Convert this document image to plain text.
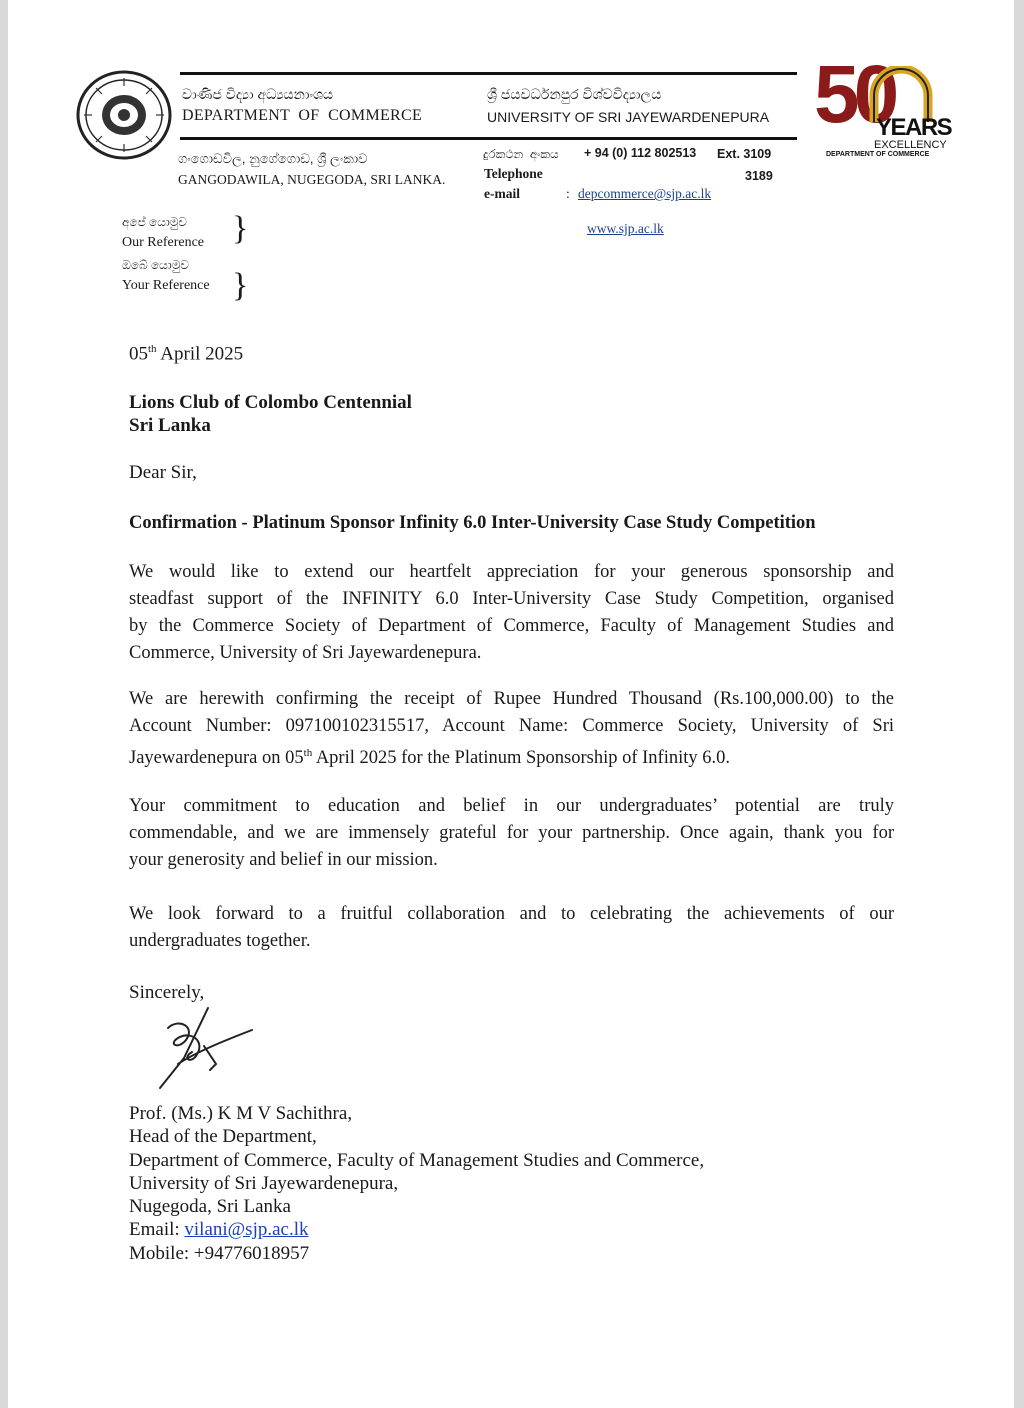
වාණිජ විද්‍යා අධ්‍යයනාංශය
DEPARTMENT  OF  COMMERCE
ශ්‍රී ජයවර්ධනපුර විශ්වවිද්‍යාලය
UNIVERSITY OF SRI JAYEWARDENEPURA
ගංගොඩවිල, නුගේගොඩ, ශ්‍රී ලංකාව
GANGODAWILA, NUGEGODA, SRI LANKA.
දුරකථන  අංකය + 94 (0) 112 802513 Ext. 3109
Telephone	3189
e-mail	: depcommerce@sjp.ac.lk
www.sjp.ac.lk
අපේ යොමුව
Our Reference }
ඔබේ යොමුව
Your Reference }
50
YEARS
EXCELLENCY
DEPARTMENT OF COMMERCE
05th April 2025
Lions Club of Colombo Centennial
Sri Lanka
Dear Sir,
Confirmation - Platinum Sponsor Infinity 6.0 Inter-University Case Study Competition
We would like to extend our heartfelt appreciation for your generous sponsorship and
steadfast support of the INFINITY 6.0 Inter-University Case Study Competition, organised
by the Commerce Society of Department of Commerce, Faculty of Management Studies and
Commerce, University of Sri Jayewardenepura.
We are herewith confirming the receipt of Rupee Hundred Thousand (Rs.100,000.00) to the
Account Number: 097100102315517, Account Name: Commerce Society, University of Sri
Jayewardenepura on 05th April 2025 for the Platinum Sponsorship of Infinity 6.0.
Your commitment to education and belief in our undergraduates’ potential are truly
commendable, and we are immensely grateful for your partnership. Once again, thank you for
your generosity and belief in our mission.
We look forward to a fruitful collaboration and to celebrating the achievements of our
undergraduates together.
Sincerely,
Prof. (Ms.) K M V Sachithra,
Head of the Department,
Department of Commerce, Faculty of Management Studies and Commerce,
University of Sri Jayewardenepura,
Nugegoda, Sri Lanka
Email: vilani@sjp.ac.lk
Mobile: +94776018957
